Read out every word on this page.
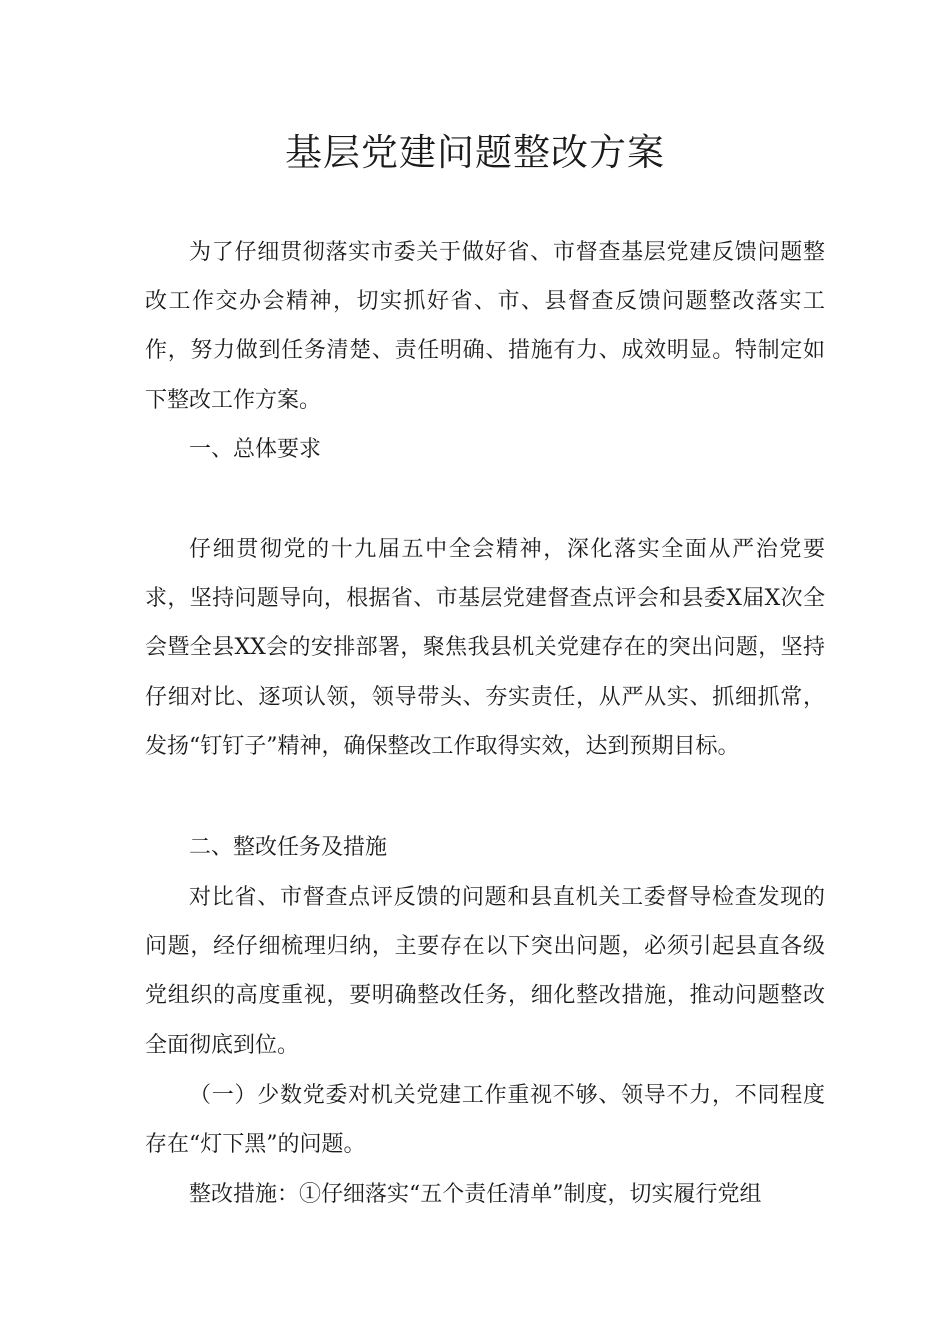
基层党建问题整改方案

为了仔细贯彻落实市委关于做好省、市督查基层党建反馈问题整改工作交办会精神，切实抓好省、市、县督查反馈问题整改落实工作，努力做到任务清楚、责任明确、措施有力、成效明显。特制定如下整改工作方案。

一、总体要求

仔细贯彻党的十九届五中全会精神，深化落实全面从严治党要求，坚持问题导向，根据省、市基层党建督查点评会和县委X届X次全会暨全县XX会的安排部署，聚焦我县机关党建存在的突出问题，坚持仔细对比、逐项认领，领导带头、夯实责任，从严从实、抓细抓常，发扬“钉钉子”精神，确保整改工作取得实效，达到预期目标。

二、整改任务及措施

对比省、市督查点评反馈的问题和县直机关工委督导检查发现的问题，经仔细梳理归纳，主要存在以下突出问题，必须引起县直各级党组织的高度重视，要明确整改任务，细化整改措施，推动问题整改全面彻底到位。

（一）少数党委对机关党建工作重视不够、领导不力，不同程度存在“灯下黑”的问题。

整改措施：①仔细落实“五个责任清单”制度，切实履行党组
